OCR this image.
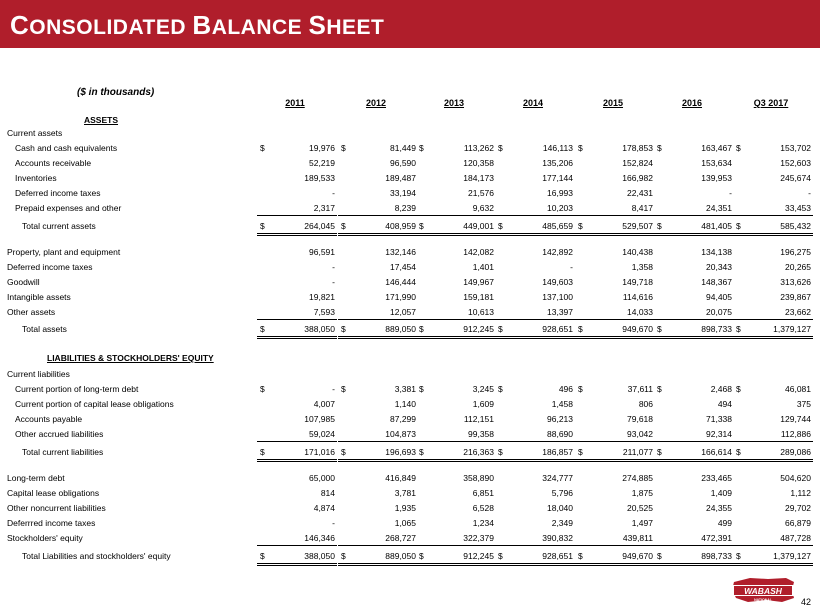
CONSOLIDATED BALANCE SHEET
($ in thousands)
2011	2012	2013	2014	2015	2016	Q3 2017
ASSETS
LIABILITIES & STOCKHOLDERS' EQUITY
Current assets
Cash and cash equivalents	$	19,976 $	81,449 $	113,262 $	146,113 $	178,853 $	163,467 $	153,702
Accounts receivable	52,219	96,590	120,358	135,206	152,824	153,634	152,603
Inventories	189,533	189,487	184,173	177,144	166,982	139,953	245,674
Deferred income taxes	-	33,194	21,576	16,993	22,431	-	-
Prepaid expenses and other	2,317	8,239	9,632	10,203	8,417	24,351	33,453
Total current assets	$	264,045 $	408,959 $	449,001 $	485,659 $	529,507 $	481,405 $	585,432
Property, plant and equipment	96,591	132,146	142,082	142,892	140,438	134,138	196,275
Deferred income taxes	-	17,454	1,401	-	1,358	20,343	20,265
Goodwill	-	146,444	149,967	149,603	149,718	148,367	313,626
Intangible assets	19,821	171,990	159,181	137,100	114,616	94,405	239,867
Other assets	7,593	12,057	10,613	13,397	14,033	20,075	23,662
Total assets	$	388,050 $	889,050 $	912,245 $	928,651 $	949,670 $	898,733 $	1,379,127
Current liabilities
Current portion of long-term debt	$	- $	3,381 $	3,245 $	496 $	37,611 $	2,468 $	46,081
Current portion of capital lease obligations	4,007	1,140	1,609	1,458	806	494	375
Accounts payable	107,985	87,299	112,151	96,213	79,618	71,338	129,744
Other accrued liabilities	59,024	104,873	99,358	88,690	93,042	92,314	112,886
Total current liabilities	$	171,016 $	196,693 $	216,363 $	186,857 $	211,077 $	166,614 $	289,086
Long-term debt	65,000	416,849	358,890	324,777	274,885	233,465	504,620
Capital lease obligations	814	3,781	6,851	5,796	1,875	1,409	1,112
Other noncurrent liabilities	4,874	1,935	6,528	18,040	20,525	24,355	29,702
Deferrred income taxes	-	1,065	1,234	2,349	1,497	499	66,879
Stockholders' equity	146,346	268,727	322,379	390,832	439,811	472,391	487,728
Total Liabilities and stockholders' equity	$	388,050 $	889,050 $	912,245 $	928,651 $	949,670 $	898,733 $	1,379,127
WABASH
NATIONAL	42
